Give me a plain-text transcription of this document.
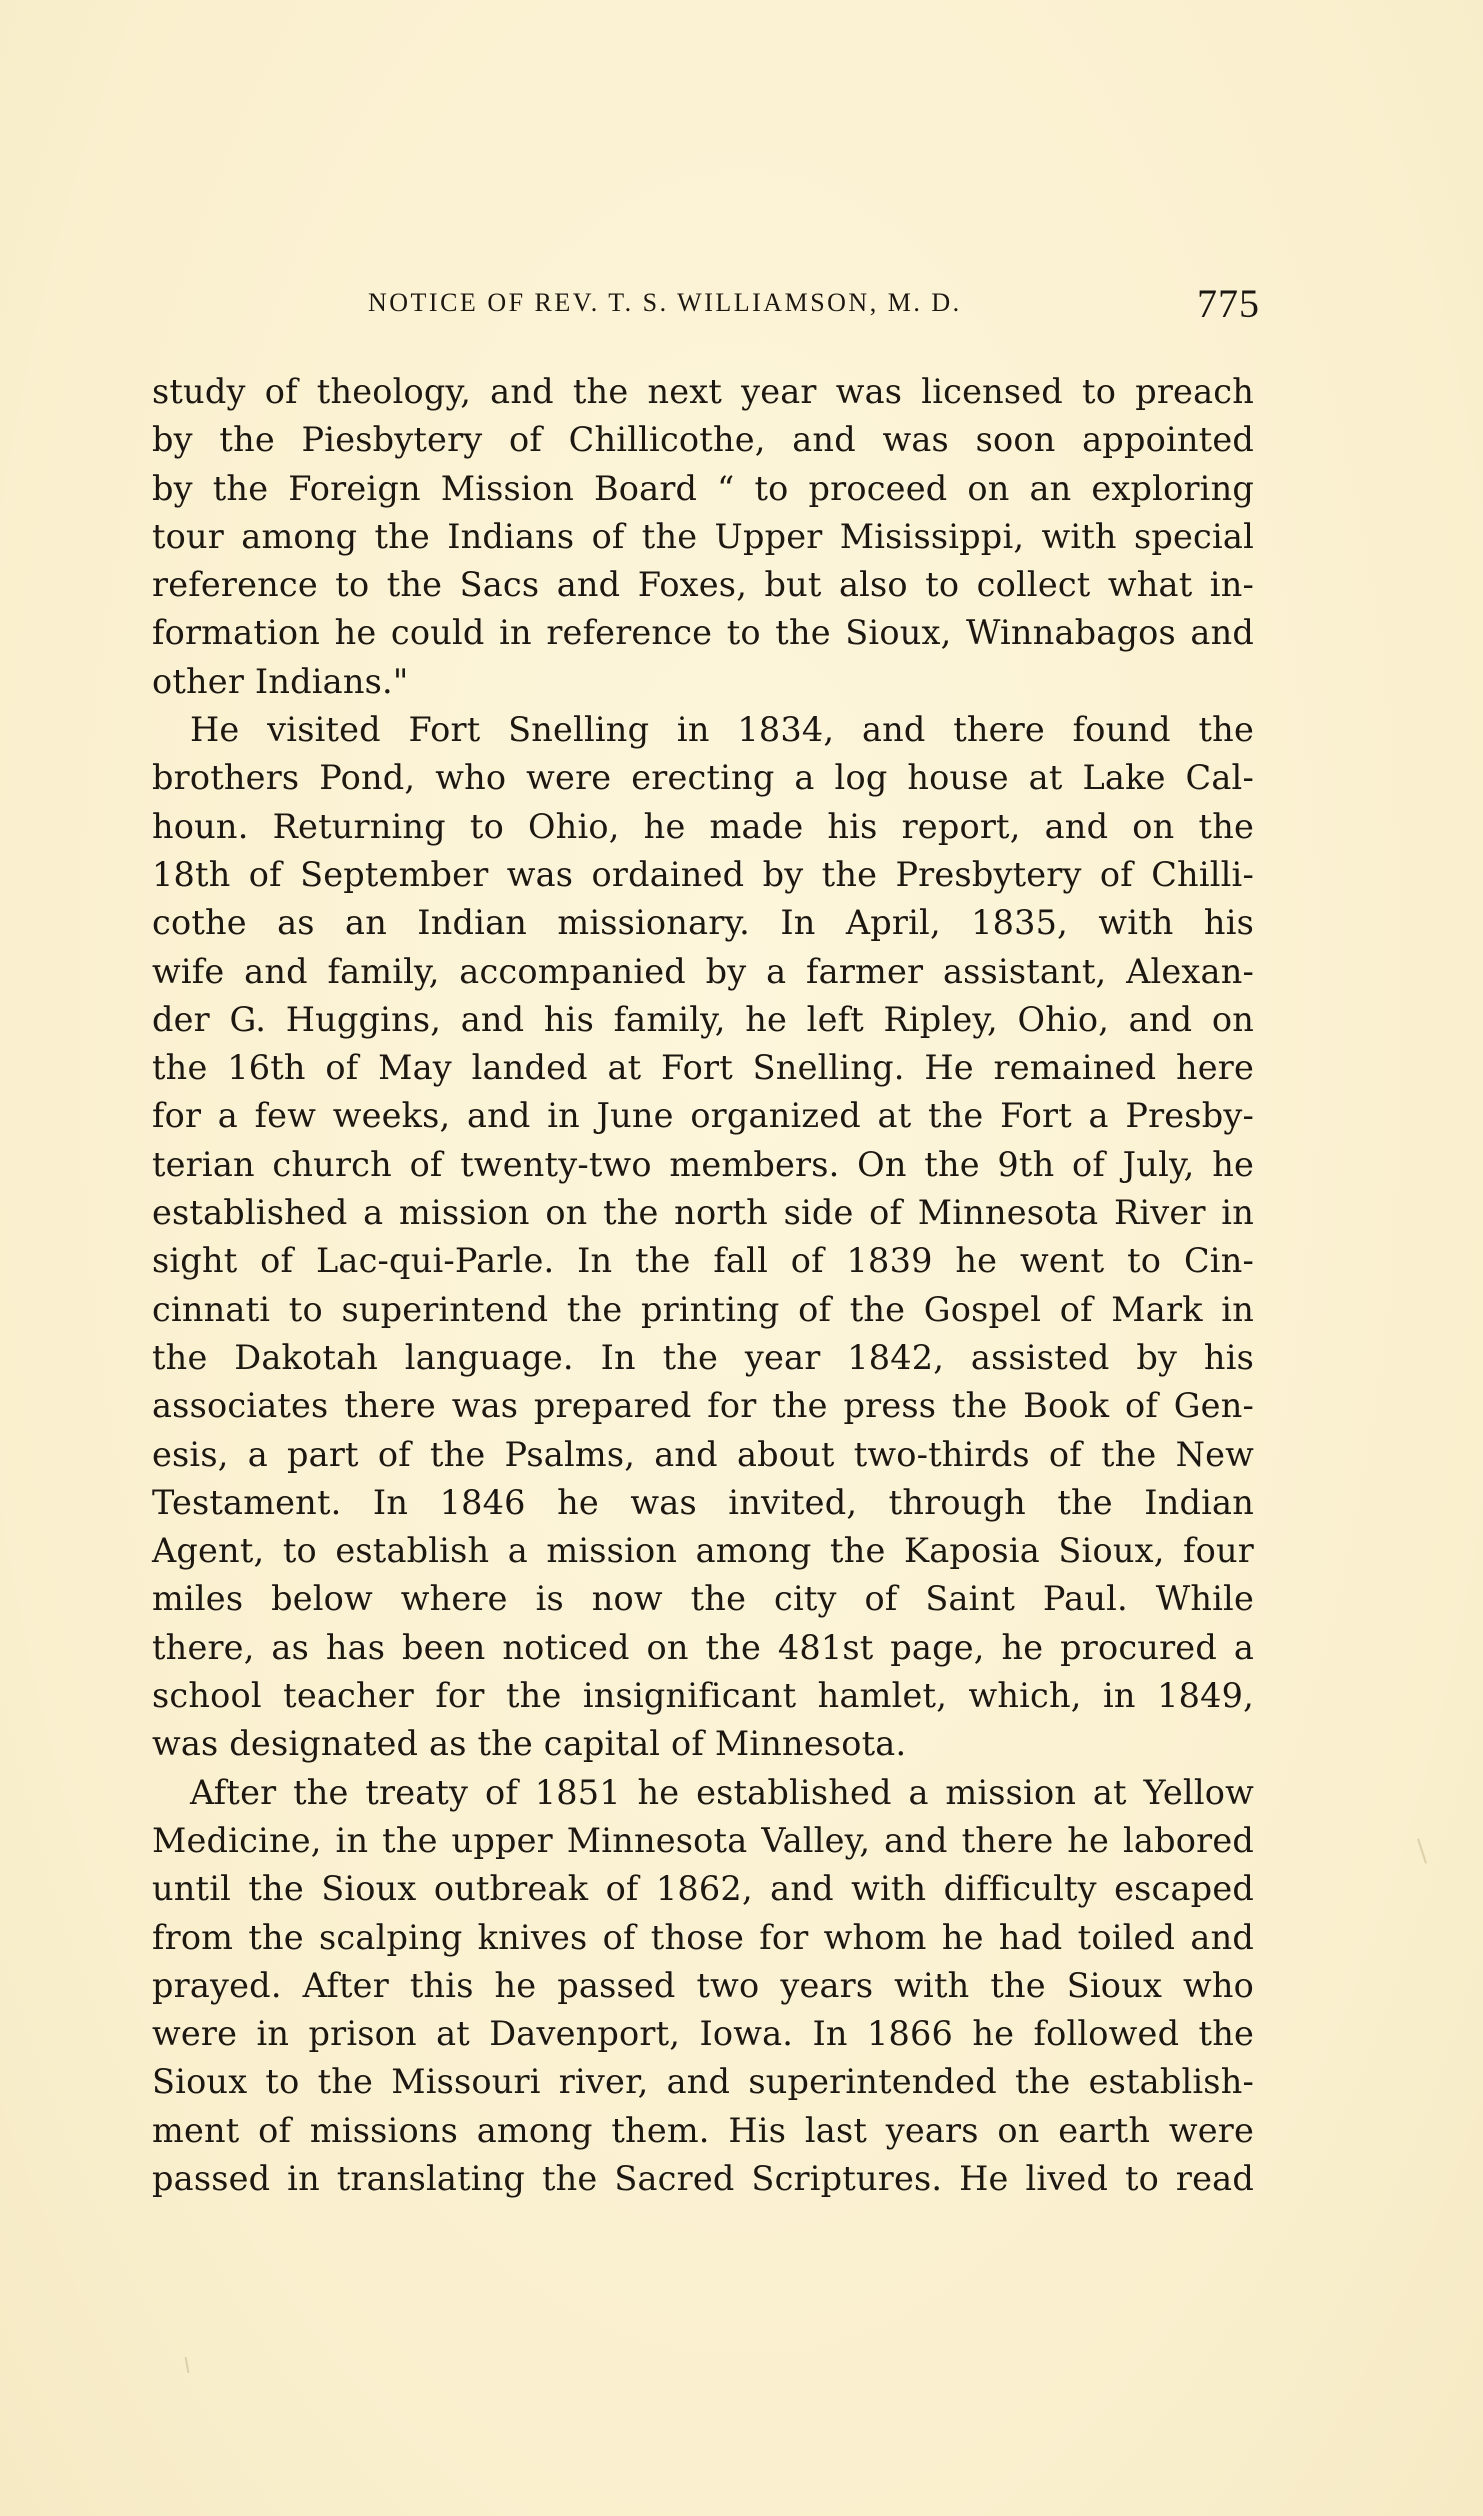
NOTICE OF REV. T. S. WILLIAMSON, M. D.	775
study of theology, and the next year was licensed to preach
by the Piesbytery of Chillicothe, and was soon appointed
by the Foreign Mission Board “ to proceed on an exploring
tour among the Indians of the Upper Misissippi, with special
reference to the Sacs and Foxes, but also to collect what in-
formation he could in reference to the Sioux, Winnabagos and
other Indians."
He visited Fort Snelling in 1834, and there found the
brothers Pond, who were erecting a log house at Lake Cal-
houn. Returning to Ohio, he made his report, and on the
18th of September was ordained by the Presbytery of Chilli-
cothe as an Indian missionary. In April, 1835, with his
wife and family, accompanied by a farmer assistant, Alexan-
der G. Huggins, and his family, he left Ripley, Ohio, and on
the 16th of May landed at Fort Snelling. He remained here
for a few weeks, and in June organized at the Fort a Presby-
terian church of twenty-two members. On the 9th of July, he
established a mission on the north side of Minnesota River in
sight of Lac-qui-Parle. In the fall of 1839 he went to Cin-
cinnati to superintend the printing of the Gospel of Mark in
the Dakotah language. In the year 1842, assisted by his
associates there was prepared for the press the Book of Gen-
esis, a part of the Psalms, and about two-thirds of the New
Testament. In 1846 he was invited, through the Indian
Agent, to establish a mission among the Kaposia Sioux, four
miles below where is now the city of Saint Paul. While
there, as has been noticed on the 481st page, he procured a
school teacher for the insignificant hamlet, which, in 1849,
was designated as the capital of Minnesota.
After the treaty of 1851 he established a mission at Yellow
Medicine, in the upper Minnesota Valley, and there he labored
until the Sioux outbreak of 1862, and with difficulty escaped
from the scalping knives of those for whom he had toiled and
prayed. After this he passed two years with the Sioux who
were in prison at Davenport, Iowa. In 1866 he followed the
Sioux to the Missouri river, and superintended the establish-
ment of missions among them. His last years on earth were
passed in translating the Sacred Scriptures. He lived to read
